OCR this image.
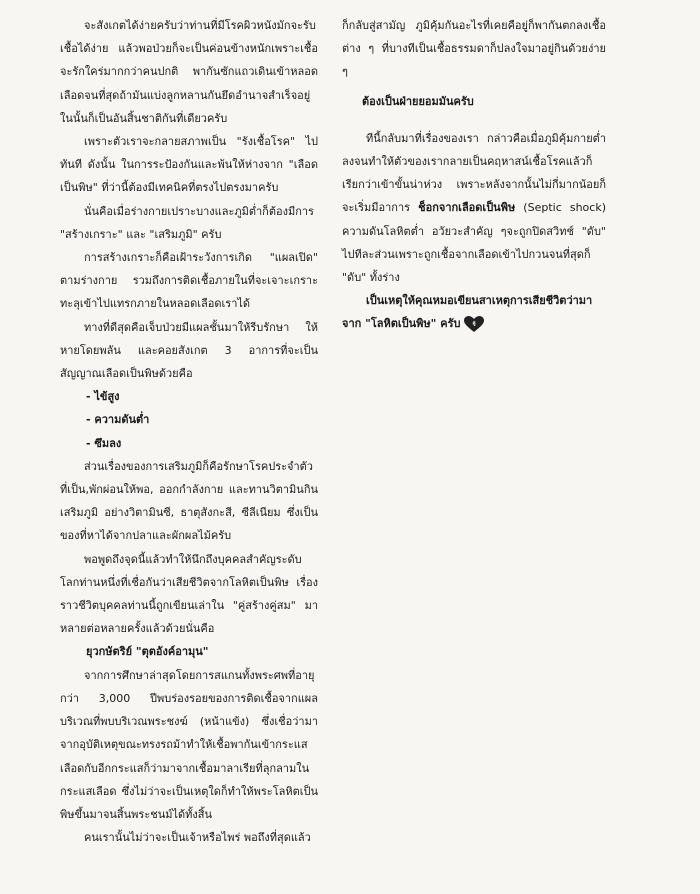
จะสังเกตได้ง่ายครับว่าท่านที่มีโรคผิวหนังมักจะรับเชื้อได้ง่าย แล้วพอป่วยก็จะเป็นค่อนข้างหนักเพราะเชื้อจะรักใคร่มากกว่าคนปกติ พากันซักแถวเดินเข้าหลอดเลือดจนที่สุดถ้ามันแบ่งลูกหลานกันยึดอำนาจสำเร็จอยู่ในนั้นก็เป็นอันสิ้นชาติกันที่เดียวครับ

เพราะตัวเราจะกลายสภาพเป็น "รังเชื้อโรค" ไปทันที ดังนั้น ในการระป้องกันและพ้นให้ห่างจาก "เลือดเป็นพิษ" ที่ว่านี้ต้องมีเทคนิคที่ตรงไปตรงมาครับ

นั่นคือเมื่อร่างกายเปราะบางและภูมิต่ำก็ต้องมีการ "สร้างเกราะ" และ "เสริมภูมิ" ครับ

การสร้างเกราะก็คือเฝ้าระวังการเกิด "แผลเปิด" ตามร่างกาย รวมถึงการติดเชื้อภายในที่จะเจาะเกราะทะลุเข้าไปแทรกภายในหลอดเลือดเราได้

ทางที่ดีสุดคือเจ็บป่วยมีแผลชั้นมาให้รีบรักษา ให้หายโดยพลัน และคอยสังเกต 3 อาการที่จะเป็นสัญญาณเลือดเป็นพิษด้วยคือ

- ไข้สูง

- ความดันต่ำ

- ซึมลง

ส่วนเรื่องของการเสริมภูมิก็คือรักษาโรคประจำตัวที่เป็น,พักผ่อนให้พอ, ออกกำลังกาย และทานวิตามินกินเสริมภูมิ อย่างวิตามินซี, ธาตุสังกะสี, ซีลีเนียม ซึ่งเป็นของที่หาได้จากปลาและผักผลไม้ครับ

พอพูดถึงจุดนี้แล้วทำให้นึกถึงบุคคลสำคัญระดับโลกท่านหนึ่งที่เชื่อกันว่าเสียชีวิตจากโลหิตเป็นพิษ เรื่องราวชีวิตบุคคลท่านนี้ถูกเขียนเล่าใน "คู่สร้างคู่สม" มาหลายต่อหลายครั้งแล้วด้วยนั่นคือ

ยุวกษัตริย์ "ตุตอังค์อามุน"

จากการศึกษาล่าสุดโดยการสแกนทั้งพระศพที่อายุกว่า 3,000 ปีพบร่องรอยของการติดเชื้อจากแผลบริเวณที่พบบริเวณพระชงฆ์ (หน้าแข้ง) ซึ่งเชื่อว่ามาจากอุบัติเหตุขณะทรงรถม้าทำให้เชื้อพากันเข้ากระแสเลือดกับอีกกระแสก็ว่ามาจากเชื้อมาลาเรียที่ลุกลามในกระแสเลือด ซึ่งไม่ว่าจะเป็นเหตุใดก็ทำให้พระโลหิตเป็นพิษขึ้นมาจนสิ้นพระชนม์ได้ทั้งสิ้น

คนเรานั้นไม่ว่าจะเป็นเจ้าหรือไพร่ พอถึงที่สุดแล้ว

ก็กลับสู่สามัญ ภูมิคุ้มกันอะไรที่เคยคือยู่ก็พากันตกลงเชื้อต่าง ๆ ที่บางทีเป็นเชื้อธรรมดาก็ปลงใจมาอยู่กินด้วยง่าย ๆ

ต้องเป็นฝ่ายยอมมันครับ

ทีนี้กลับมาที่เรื่องของเรา กล่าวคือเมื่อภูมิคุ้มกายต่ำลงจนทำให้ตัวของเรากลายเป็นคฤหาสน์เชื้อโรคแล้วก็เรียกว่าเข้าขั้นน่าห่วง เพราะหลังจากนั้นไม่กี่มากน้อยก็จะเริ่มมีอาการ ช็อกจากเลือดเป็นพิษ (Septic shock) ความดันโลหิตต่ำ อวัยวะสำคัญ ๆจะถูกปิดสวิทช์ "ดับ" ไปทีละส่วนเพราะถูกเชื้อจากเลือดเข้าไปกวนจนที่สุดก็ "ดับ" ทั้งร่าง

เป็นเหตุให้คุณหมอเขียนสาเหตุการเสียชีวิตว่ามาจาก "โลหิตเป็นพิษ" ครับ	คู่
